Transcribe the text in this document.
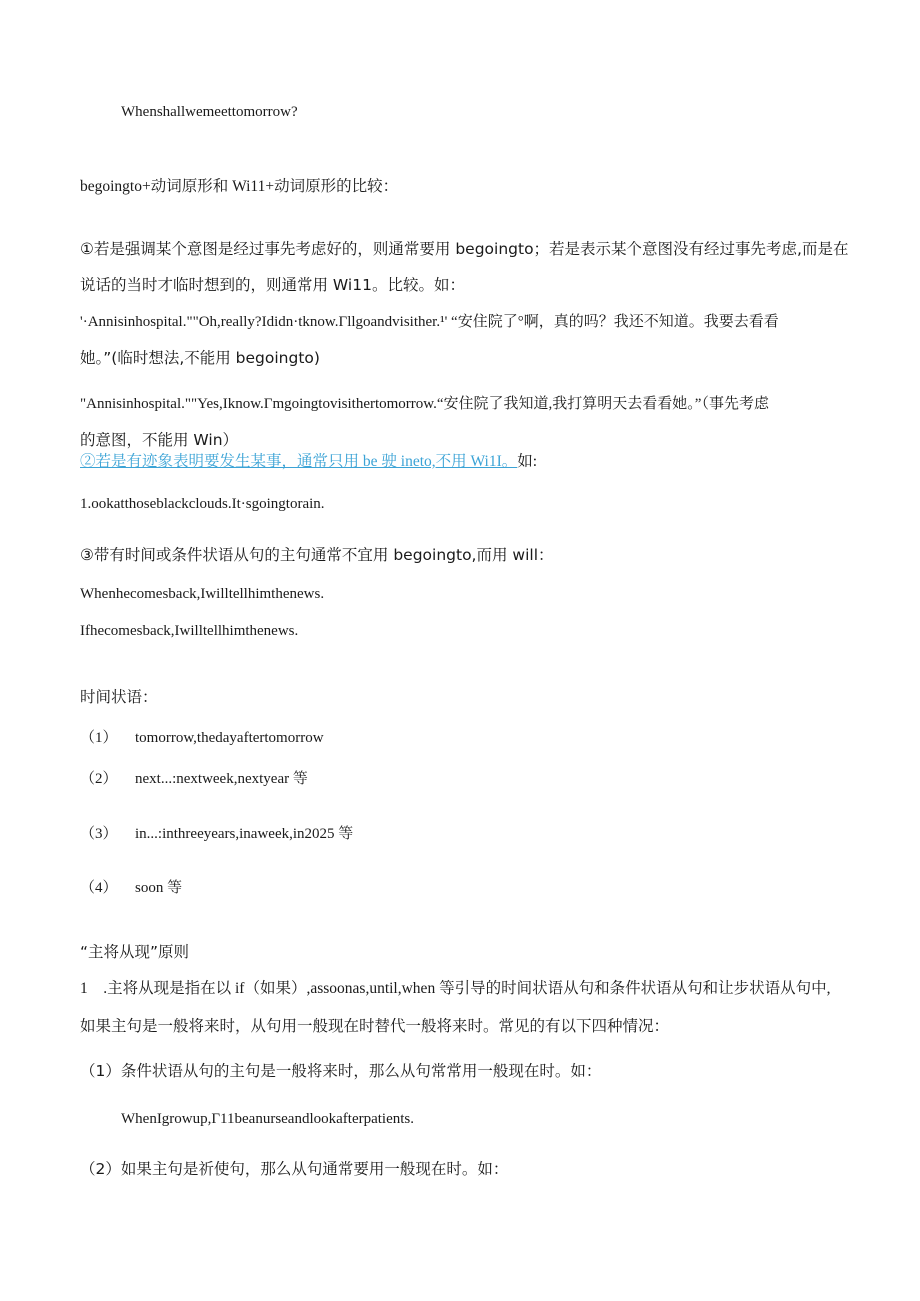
Whenshallwemeettomorrow?

begoingto+动词原形和 Wi11+动词原形的比较：

①若是强调某个意图是经过事先考虑好的，则通常要用 begoingto；若是表示某个意图没有经过事先考虑,而是在

说话的当时才临时想到的，则通常用 Wi11。比较。如：

'·Annisinhospital.""Oh,really?Ididn·tknow.Γllgoandvisither.¹' “安住院了°啊，真的吗？我还不知道。我要去看看

她。”(临时想法,不能用 begoingto)

"Annisinhospital.""Yes,Iknow.Γmgoingtovisithertomorrow.“安住院了我知道,我打算明天去看看她。”（事先考虑

的意图，不能用 Win）

②若是有迹象表明要发生某事，通常只用 be 驶 ineto,不用 Wi1I。如:

1.ookatthoseblackclouds.It·sgoingtorain.

③带有时间或条件状语从句的主句通常不宜用 begoingto,而用 will：

Whenhecomesback,Iwilltellhimthenews.

Ifhecomesback,Iwilltellhimthenews.

时间状语：

（1） tomorrow,thedayaftertomorrow

（2） next...:nextweek,nextyear 等

（3） in...:inthreeyears,inaweek,in2025 等

（4） soon 等

“主将从现”原则

1　.主将从现是指在以 if（如果）,assoonas,until,when 等引导的时间状语从句和条件状语从句和让步状语从句中,

如果主句是一般将来时，从句用一般现在时替代一般将来时。常见的有以下四种情况：

（1）条件状语从句的主句是一般将来时，那么从句常常用一般现在时。如：

WhenIgrowup,Γ11beanurseandlookafterpatients.

（2）如果主句是祈使句，那么从句通常要用一般现在时。如：
